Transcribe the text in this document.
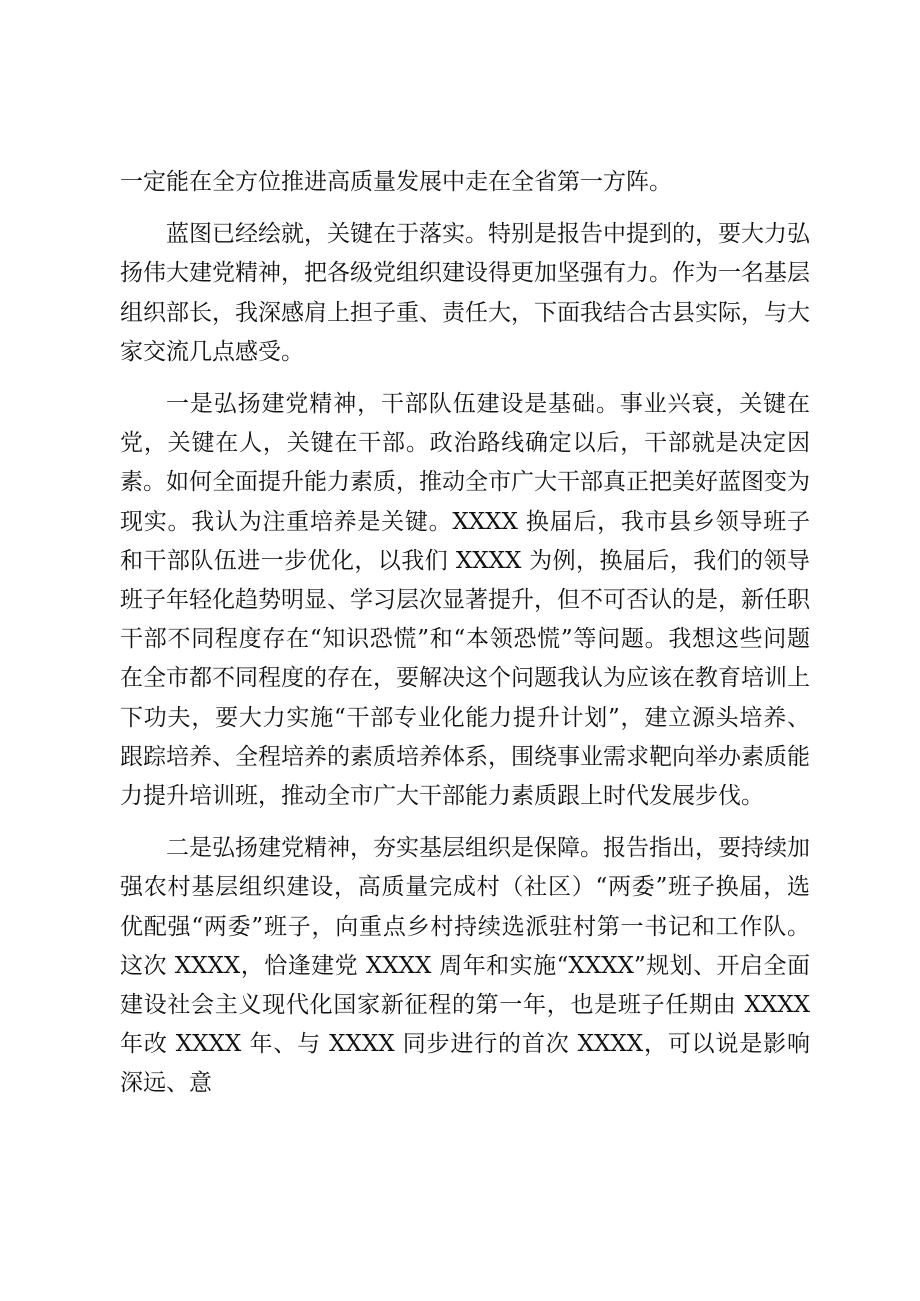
一定能在全方位推进高质量发展中走在全省第一方阵。

蓝图已经绘就，关键在于落实。特别是报告中提到的，要大力弘扬伟大建党精神，把各级党组织建设得更加坚强有力。作为一名基层组织部长，我深感肩上担子重、责任大，下面我结合古县实际，与大家交流几点感受。

一是弘扬建党精神，干部队伍建设是基础。事业兴衰，关键在党，关键在人，关键在干部。政治路线确定以后，干部就是决定因素。如何全面提升能力素质，推动全市广大干部真正把美好蓝图变为现实。我认为注重培养是关键。XXXX 换届后，我市县乡领导班子和干部队伍进一步优化，以我们 XXXX 为例，换届后，我们的领导班子年轻化趋势明显、学习层次显著提升，但不可否认的是，新任职干部不同程度存在“知识恐慌”和“本领恐慌”等问题。我想这些问题在全市都不同程度的存在，要解决这个问题我认为应该在教育培训上下功夫，要大力实施“干部专业化能力提升计划”，建立源头培养、跟踪培养、全程培养的素质培养体系，围绕事业需求靶向举办素质能力提升培训班，推动全市广大干部能力素质跟上时代发展步伐。

二是弘扬建党精神，夯实基层组织是保障。报告指出，要持续加强农村基层组织建设，高质量完成村（社区）“两委”班子换届，选优配强“两委”班子，向重点乡村持续选派驻村第一书记和工作队。这次 XXXX，恰逢建党 XXXX 周年和实施“XXXX”规划、开启全面建设社会主义现代化国家新征程的第一年，也是班子任期由 XXXX 年改 XXXX 年、与 XXXX 同步进行的首次 XXXX，可以说是影响深远、意
